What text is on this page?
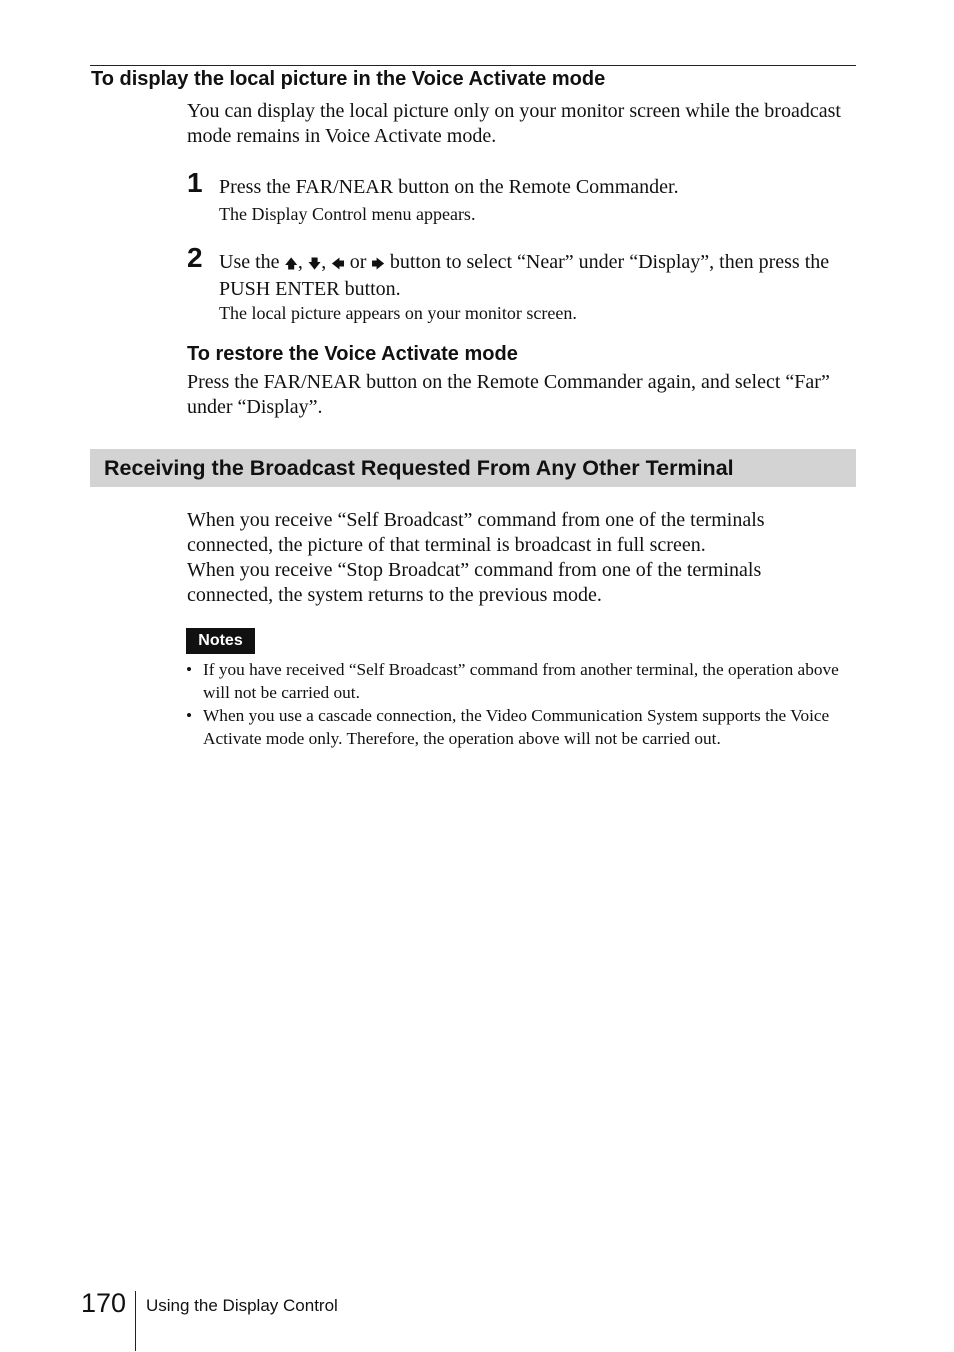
To display the local picture in the Voice Activate mode
You can display the local picture only on your monitor screen while the broadcast mode remains in Voice Activate mode.
1 Press the FAR/NEAR button on the Remote Commander.
The Display Control menu appears.
2 Use the 🡅, 🡇, 🡄 or 🡆 button to select “Near” under “Display”, then press the PUSH ENTER button.
The local picture appears on your monitor screen.
To restore the Voice Activate mode
Press the FAR/NEAR button on the Remote Commander again, and select “Far” under “Display”.
Receiving the Broadcast Requested From Any Other Terminal
When you receive “Self Broadcast” command from one of the terminals connected, the picture of that terminal is broadcast in full screen.
When you receive “Stop Broadcat” command from one of the terminals connected, the system returns to the previous mode.
Notes
• If you have received “Self Broadcast” command from another terminal, the operation above will not be carried out.
• When you use a cascade connection, the Video Communication System supports the Voice Activate mode only. Therefore, the operation above will not be carried out.
170 Using the Display Control
